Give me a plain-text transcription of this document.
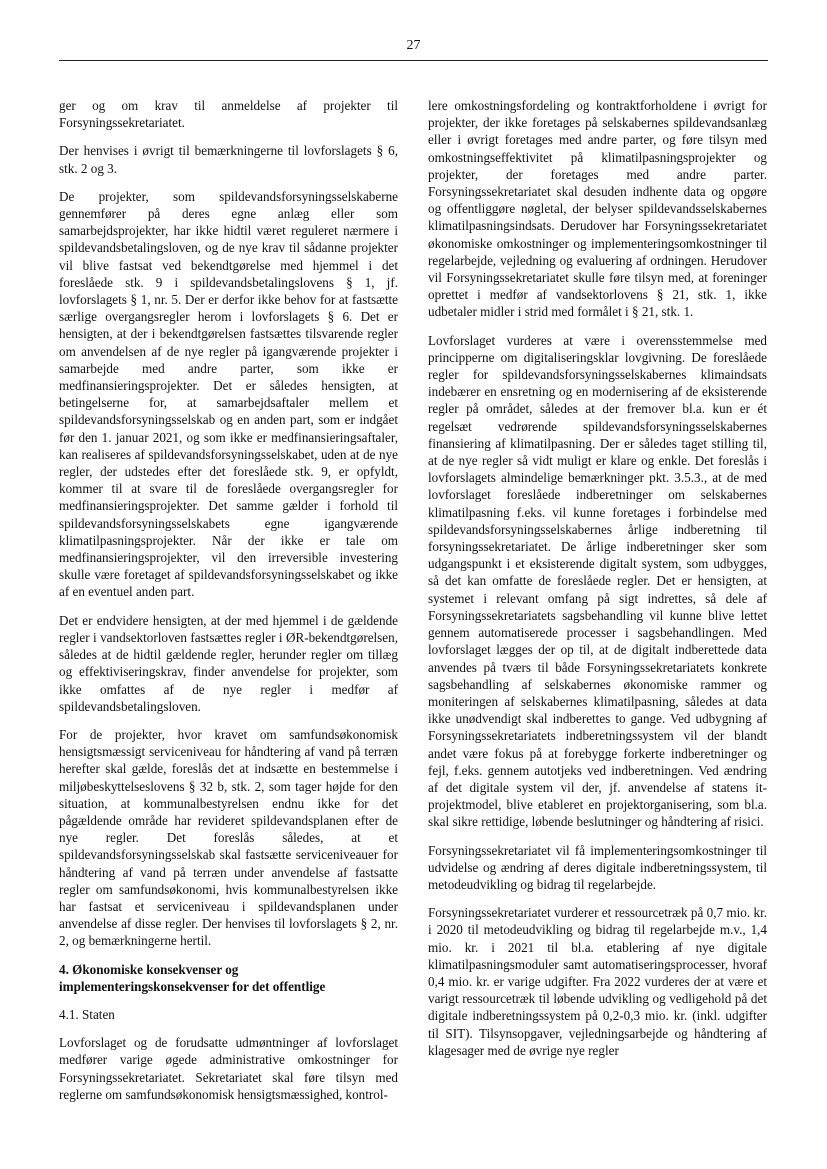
27

ger og om krav til anmeldelse af projekter til Forsyningssekretariatet.

Der henvises i øvrigt til bemærkningerne til lovforslagets § 6, stk. 2 og 3.

De projekter, som spildevandsforsyningsselskaberne gennemfører på deres egne anlæg eller som samarbejdsprojekter, har ikke hidtil været reguleret nærmere i spildevandsbetalingsloven, og de nye krav til sådanne projekter vil blive fastsat ved bekendtgørelse med hjemmel i det foreslåede stk. 9 i spildevandsbetalingslovens § 1, jf. lovforslagets § 1, nr. 5. Der er derfor ikke behov for at fastsætte særlige overgangsregler herom i lovforslagets § 6. Det er hensigten, at der i bekendtgørelsen fastsættes tilsvarende regler om anvendelsen af de nye regler på igangværende projekter i samarbejde med andre parter, som ikke er medfinansieringsprojekter. Det er således hensigten, at betingelserne for, at samarbejdsaftaler mellem et spildevandsforsyningsselskab og en anden part, som er indgået før den 1. januar 2021, og som ikke er medfinansieringsaftaler, kan realiseres af spildevandsforsyningsselskabet, uden at de nye regler, der udstedes efter det foreslåede stk. 9, er opfyldt, kommer til at svare til de foreslåede overgangsregler for medfinansieringsprojekter. Det samme gælder i forhold til spildevandsforsyningsselskabets egne igangværende klimatilpasningsprojekter. Når der ikke er tale om medfinansieringsprojekter, vil den irreversible investering skulle være foretaget af spildevandsforsyningsselskabet og ikke af en eventuel anden part.

Det er endvidere hensigten, at der med hjemmel i de gældende regler i vandsektorloven fastsættes regler i ØR-bekendtgørelsen, således at de hidtil gældende regler, herunder regler om tillæg og effektiviseringskrav, finder anvendelse for projekter, som ikke omfattes af de nye regler i medfør af spildevandsbetalingsloven.

For de projekter, hvor kravet om samfundsøkonomisk hensigtsmæssigt serviceniveau for håndtering af vand på terræn herefter skal gælde, foreslås det at indsætte en bestemmelse i miljøbeskyttelseslovens § 32 b, stk. 2, som tager højde for den situation, at kommunalbestyrelsen endnu ikke for det pågældende område har revideret spildevandsplanen efter de nye regler. Det foreslås således, at et spildevandsforsyningsselskab skal fastsætte serviceniveauer for håndtering af vand på terræn under anvendelse af fastsatte regler om samfundsøkonomi, hvis kommunalbestyrelsen ikke har fastsat et serviceniveau i spildevandsplanen under anvendelse af disse regler. Der henvises til lovforslagets § 2, nr. 2, og bemærkningerne hertil.

4. Økonomiske konsekvenser og implementeringskonsekvenser for det offentlige
4.1. Staten

Lovforslaget og de forudsatte udmøntninger af lovforslaget medfører varige øgede administrative omkostninger for Forsyningssekretariatet. Sekretariatet skal føre tilsyn med reglerne om samfundsøkonomisk hensigtsmæssighed, kontrol-

lere omkostningsfordeling og kontraktforholdene i øvrigt for projekter, der ikke foretages på selskabernes spildevandsanlæg eller i øvrigt foretages med andre parter, og føre tilsyn med omkostningseffektivitet på klimatilpasningsprojekter og projekter, der foretages med andre parter. Forsyningssekretariatet skal desuden indhente data og opgøre og offentliggøre nøgletal, der belyser spildevandsselskabernes klimatilpasningsindsats. Derudover har Forsyningssekretariatet økonomiske omkostninger og implementeringsomkostninger til regelarbejde, vejledning og evaluering af ordningen. Herudover vil Forsyningssekretariatet skulle føre tilsyn med, at foreninger oprettet i medfør af vandsektorlovens § 21, stk. 1, ikke udbetaler midler i strid med formålet i § 21, stk. 1.

Lovforslaget vurderes at være i overensstemmelse med principperne om digitaliseringsklar lovgivning. De foreslåede regler for spildevandsforsyningsselskabernes klimaindsats indebærer en ensretning og en modernisering af de eksisterende regler på området, således at der fremover bl.a. kun er ét regelsæt vedrørende spildevandsforsyningsselskabernes finansiering af klimatilpasning. Der er således taget stilling til, at de nye regler så vidt muligt er klare og enkle. Det foreslås i lovforslagets almindelige bemærkninger pkt. 3.5.3., at de med lovforslaget foreslåede indberetninger om selskabernes klimatilpasning f.eks. vil kunne foretages i forbindelse med spildevandsforsyningsselskabernes årlige indberetning til forsyningssekretariatet. De årlige indberetninger sker som udgangspunkt i et eksisterende digitalt system, som udbygges, så det kan omfatte de foreslåede regler. Det er hensigten, at systemet i relevant omfang på sigt indrettes, så dele af Forsyningssekretariatets sagsbehandling vil kunne blive lettet gennem automatiserede processer i sagsbehandlingen. Med lovforslaget lægges der op til, at de digitalt indberettede data anvendes på tværs til både Forsyningssekretariatets konkrete sagsbehandling af selskabernes økonomiske rammer og moniteringen af selskabernes klimatilpasning, således at data ikke unødvendigt skal indberettes to gange. Ved udbygning af Forsyningssekretariatets indberetningssystem vil der blandt andet være fokus på at forebygge forkerte indberetninger og fejl, f.eks. gennem autotjeks ved indberetningen. Ved ændring af det digitale system vil der, jf. anvendelse af statens it-projektmodel, blive etableret en projektorganisering, som bl.a. skal sikre rettidige, løbende beslutninger og håndtering af risici.

Forsyningssekretariatet vil få implementeringsomkostninger til udvidelse og ændring af deres digitale indberetningssystem, til metodeudvikling og bidrag til regelarbejde.

Forsyningssekretariatet vurderer et ressourcetræk på 0,7 mio. kr. i 2020 til metodeudvikling og bidrag til regelarbejde m.v., 1,4 mio. kr. i 2021 til bl.a. etablering af nye digitale klimatilpasningsmoduler samt automatiseringsprocesser, hvoraf 0,4 mio. kr. er varige udgifter. Fra 2022 vurderes der at være et varigt ressourcetræk til løbende udvikling og vedligehold på det digitale indberetningssystem på 0,2-0,3 mio. kr. (inkl. udgifter til SIT). Tilsynsopgaver, vejledningsarbejde og håndtering af klagesager med de øvrige nye regler
